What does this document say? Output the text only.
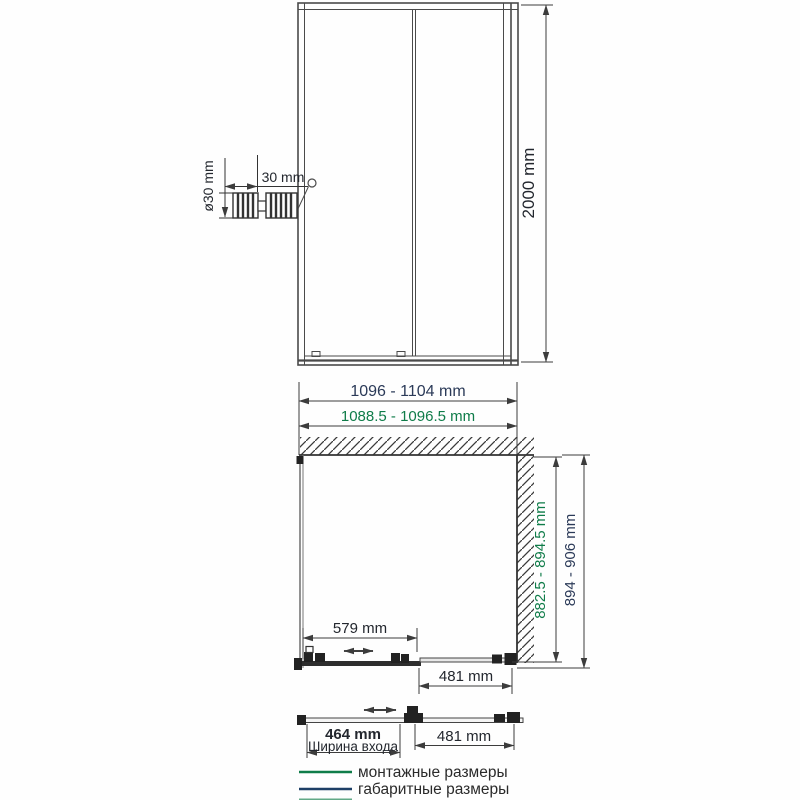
ø30 mm	30 mm	2000 mm
1096 - 1104 mm
1088.5 - 1096.5 mm
579 mm
481 mm
882.5 - 894.5 mm 894 - 906 mm
464 mm
Ширина входа
481 mm
монтажные размеры
габаритные размеры
